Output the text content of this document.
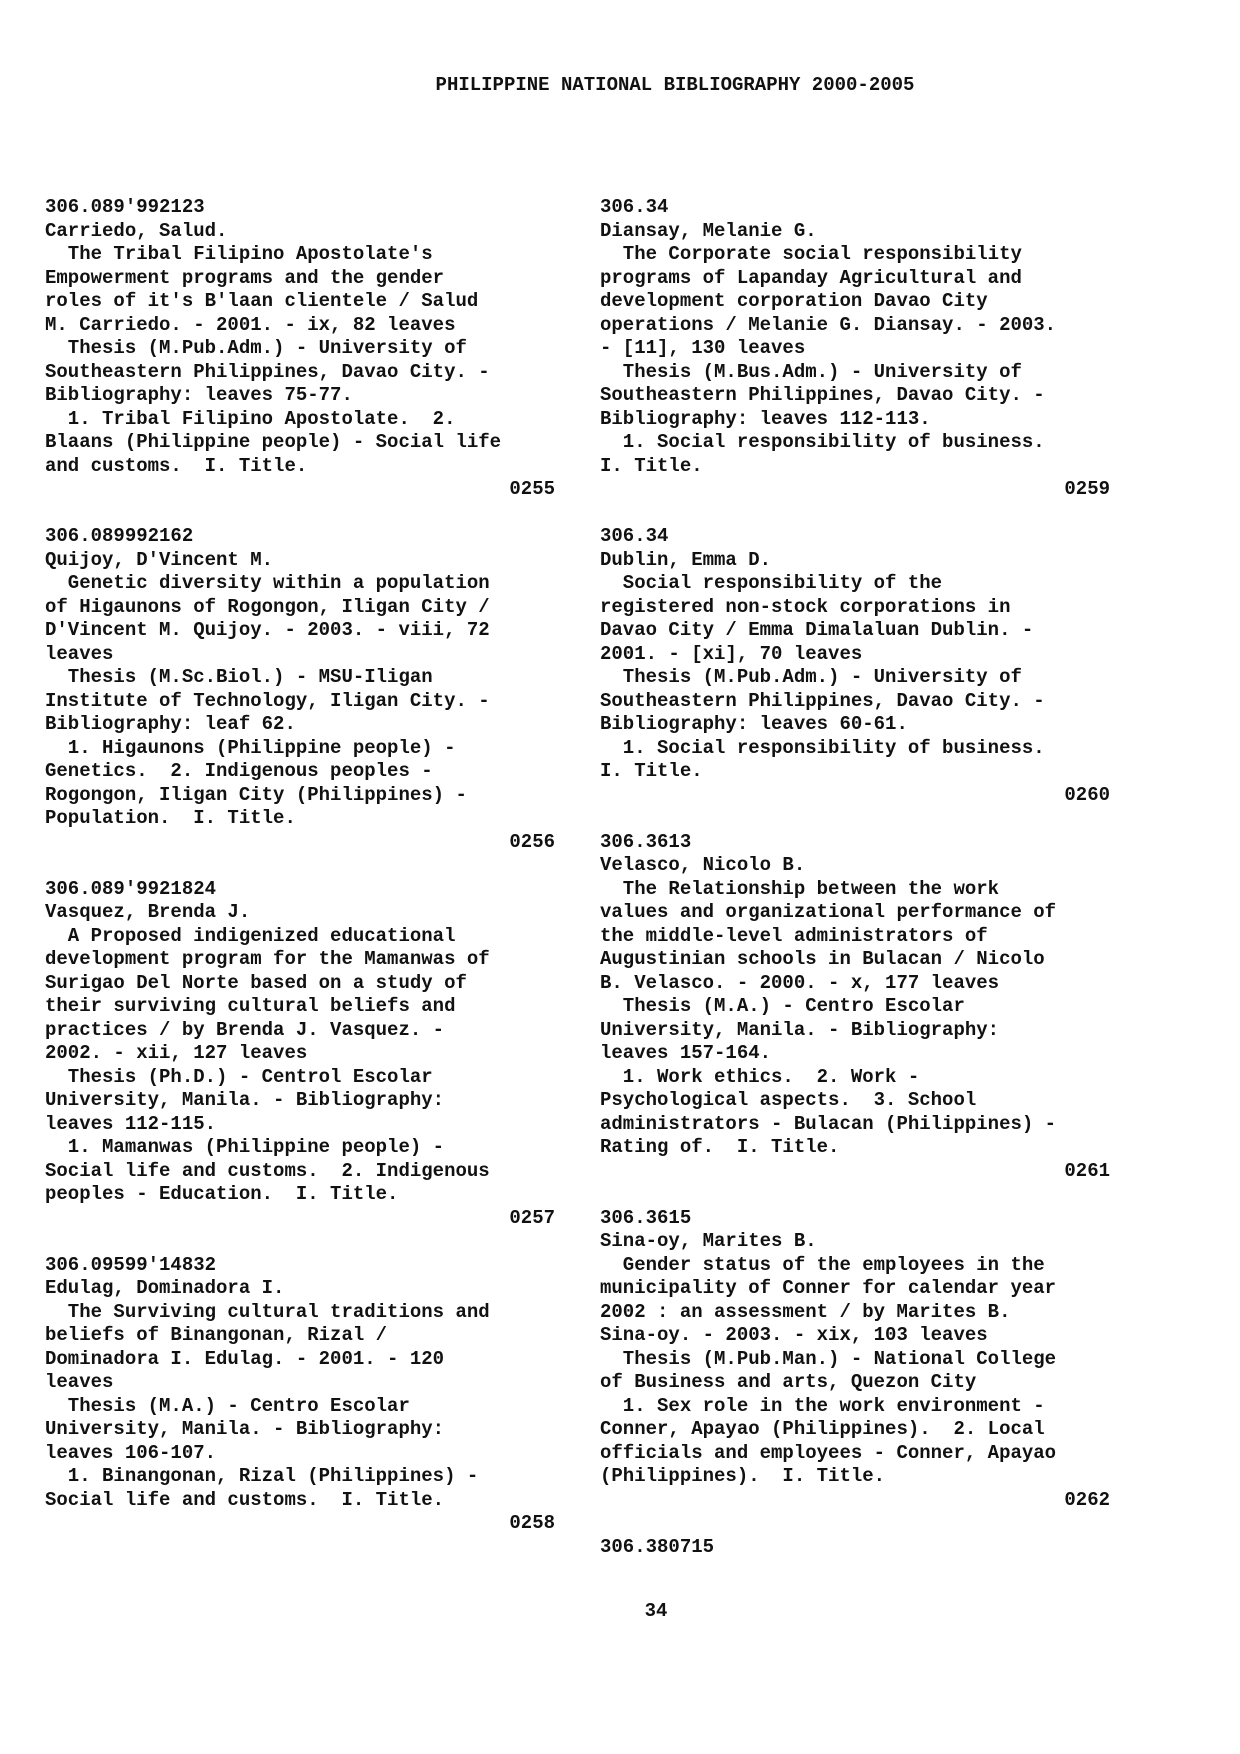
PHILIPPINE NATIONAL BIBLIOGRAPHY 2000-2005
306.089'992123
Carriedo, Salud.
The Tribal Filipino Apostolate's
Empowerment programs and the gender
roles of it's B'laan clientele / Salud
M. Carriedo. - 2001. - ix, 82 leaves
Thesis (M.Pub.Adm.) - University of
Southeastern Philippines, Davao City. -
Bibliography: leaves 75-77.
1. Tribal Filipino Apostolate.  2.
Blaans (Philippine people) - Social life
and customs.  I. Title.
0255
306.089992162
Quijoy, D'Vincent M.
Genetic diversity within a population
of Higaunons of Rogongon, Iligan City /
D'Vincent M. Quijoy. - 2003. - viii, 72
leaves
Thesis (M.Sc.Biol.) - MSU-Iligan
Institute of Technology, Iligan City. -
Bibliography: leaf 62.
1. Higaunons (Philippine people) -
Genetics.  2. Indigenous peoples -
Rogongon, Iligan City (Philippines) -
Population.  I. Title.
0256
306.089'9921824
Vasquez, Brenda J.
A Proposed indigenized educational
development program for the Mamanwas of
Surigao Del Norte based on a study of
their surviving cultural beliefs and
practices / by Brenda J. Vasquez. -
2002. - xii, 127 leaves
Thesis (Ph.D.) - Centrol Escolar
University, Manila. - Bibliography:
leaves 112-115.
1. Mamanwas (Philippine people) -
Social life and customs.  2. Indigenous
peoples - Education.  I. Title.
0257
306.09599'14832
Edulag, Dominadora I.
The Surviving cultural traditions and
beliefs of Binangonan, Rizal /
Dominadora I. Edulag. - 2001. - 120
leaves
Thesis (M.A.) - Centro Escolar
University, Manila. - Bibliography:
leaves 106-107.
1. Binangonan, Rizal (Philippines) -
Social life and customs.  I. Title.
0258
306.34
Diansay, Melanie G.
The Corporate social responsibility
programs of Lapanday Agricultural and
development corporation Davao City
operations / Melanie G. Diansay. - 2003.
- [11], 130 leaves
Thesis (M.Bus.Adm.) - University of
Southeastern Philippines, Davao City. -
Bibliography: leaves 112-113.
1. Social responsibility of business.
I. Title.
0259
306.34
Dublin, Emma D.
Social responsibility of the
registered non-stock corporations in
Davao City / Emma Dimalaluan Dublin. -
2001. - [xi], 70 leaves
Thesis (M.Pub.Adm.) - University of
Southeastern Philippines, Davao City. -
Bibliography: leaves 60-61.
1. Social responsibility of business.
I. Title.
0260
306.3613
Velasco, Nicolo B.
The Relationship between the work
values and organizational performance of
the middle-level administrators of
Augustinian schools in Bulacan / Nicolo
B. Velasco. - 2000. - x, 177 leaves
Thesis (M.A.) - Centro Escolar
University, Manila. - Bibliography:
leaves 157-164.
1. Work ethics.  2. Work -
Psychological aspects.  3. School
administrators - Bulacan (Philippines) -
Rating of.  I. Title.
0261
306.3615
Sina-oy, Marites B.
Gender status of the employees in the
municipality of Conner for calendar year
2002 : an assessment / by Marites B.
Sina-oy. - 2003. - xix, 103 leaves
Thesis (M.Pub.Man.) - National College
of Business and arts, Quezon City
1. Sex role in the work environment -
Conner, Apayao (Philippines).  2. Local
officials and employees - Conner, Apayao
(Philippines).  I. Title.
0262
306.380715
34
